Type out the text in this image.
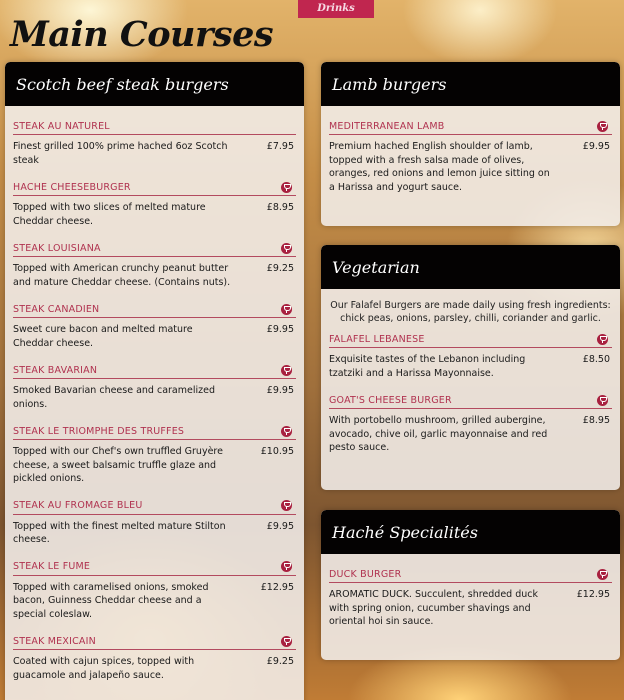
Drinks
Main Courses
Scotch beef steak burgers
STEAK AU NATUREL
Finest grilled 100% prime hached 6oz Scotch steak
£7.95
HACHE CHEESEBURGER
Topped with two slices of melted mature Cheddar cheese.
£8.95
STEAK LOUISIANA
Topped with American crunchy peanut butter and mature Cheddar cheese. (Contains nuts).
£9.25
STEAK CANADIEN
Sweet cure bacon and melted mature Cheddar cheese.
£9.95
STEAK BAVARIAN
Smoked Bavarian cheese and caramelized onions.
£9.95
STEAK LE TRIOMPHE DES TRUFFES
Topped with our Chef's own truffled Gruyère cheese, a sweet balsamic truffle glaze and pickled onions.
£10.95
STEAK AU FROMAGE BLEU
Topped with the finest melted mature Stilton cheese.
£9.95
STEAK LE FUME
Topped with caramelised onions, smoked bacon, Guinness Cheddar cheese and a special coleslaw.
£12.95
STEAK MEXICAIN
Coated with cajun spices, topped with guacamole and jalapeño sauce.
£9.25
Lamb burgers
MEDITERRANEAN LAMB
Premium hached English shoulder of lamb, topped with a fresh salsa made of olives, oranges, red onions and lemon juice sitting on a Harissa and yogurt sauce.
£9.95
Vegetarian

Our Falafel Burgers are made daily using fresh ingredients: chick peas, onions, parsley, chilli, coriander and garlic.

FALAFEL LEBANESE
Exquisite tastes of the Lebanon including tzatziki and a Harissa Mayonnaise.
£8.50
GOAT'S CHEESE BURGER
With portobello mushroom, grilled aubergine, avocado, chive oil, garlic mayonnaise and red pesto sauce.
£8.95
Haché Specialités
DUCK BURGER
AROMATIC DUCK. Succulent, shredded duck with spring onion, cucumber shavings and oriental hoi sin sauce.
£12.95
